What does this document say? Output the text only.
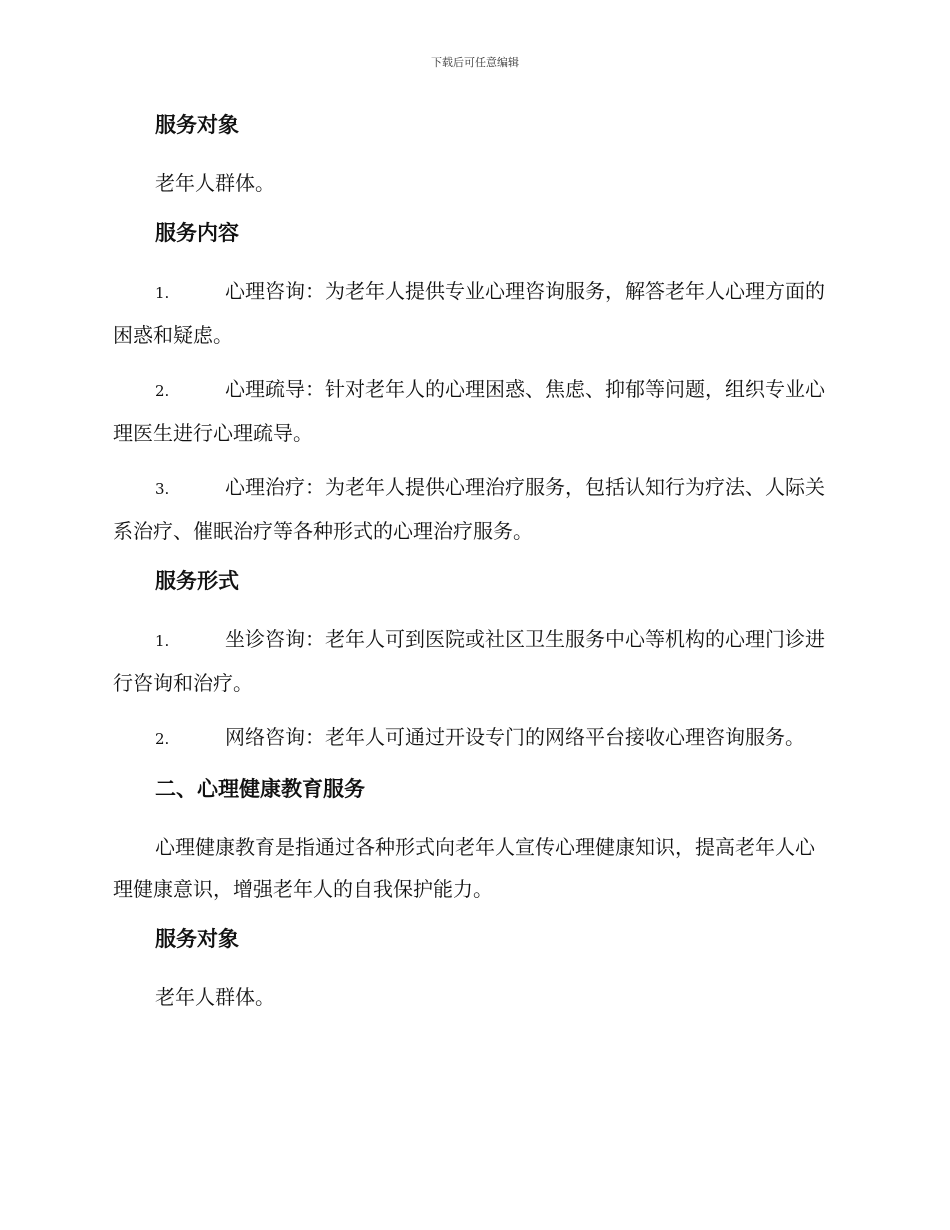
下载后可任意编辑
服务对象

老年人群体。

服务内容

1.	心理咨询：为老年人提供专业心理咨询服务，解答老年人心理方面的困惑和疑虑。

2.	心理疏导：针对老年人的心理困惑、焦虑、抑郁等问题，组织专业心理医生进行心理疏导。

3.	心理治疗：为老年人提供心理治疗服务，包括认知行为疗法、人际关系治疗、催眠治疗等各种形式的心理治疗服务。

服务形式

1.	坐诊咨询：老年人可到医院或社区卫生服务中心等机构的心理门诊进行咨询和治疗。

2.	网络咨询：老年人可通过开设专门的网络平台接收心理咨询服务。

二、心理健康教育服务

心理健康教育是指通过各种形式向老年人宣传心理健康知识，提高老年人心理健康意识，增强老年人的自我保护能力。

服务对象

老年人群体。
